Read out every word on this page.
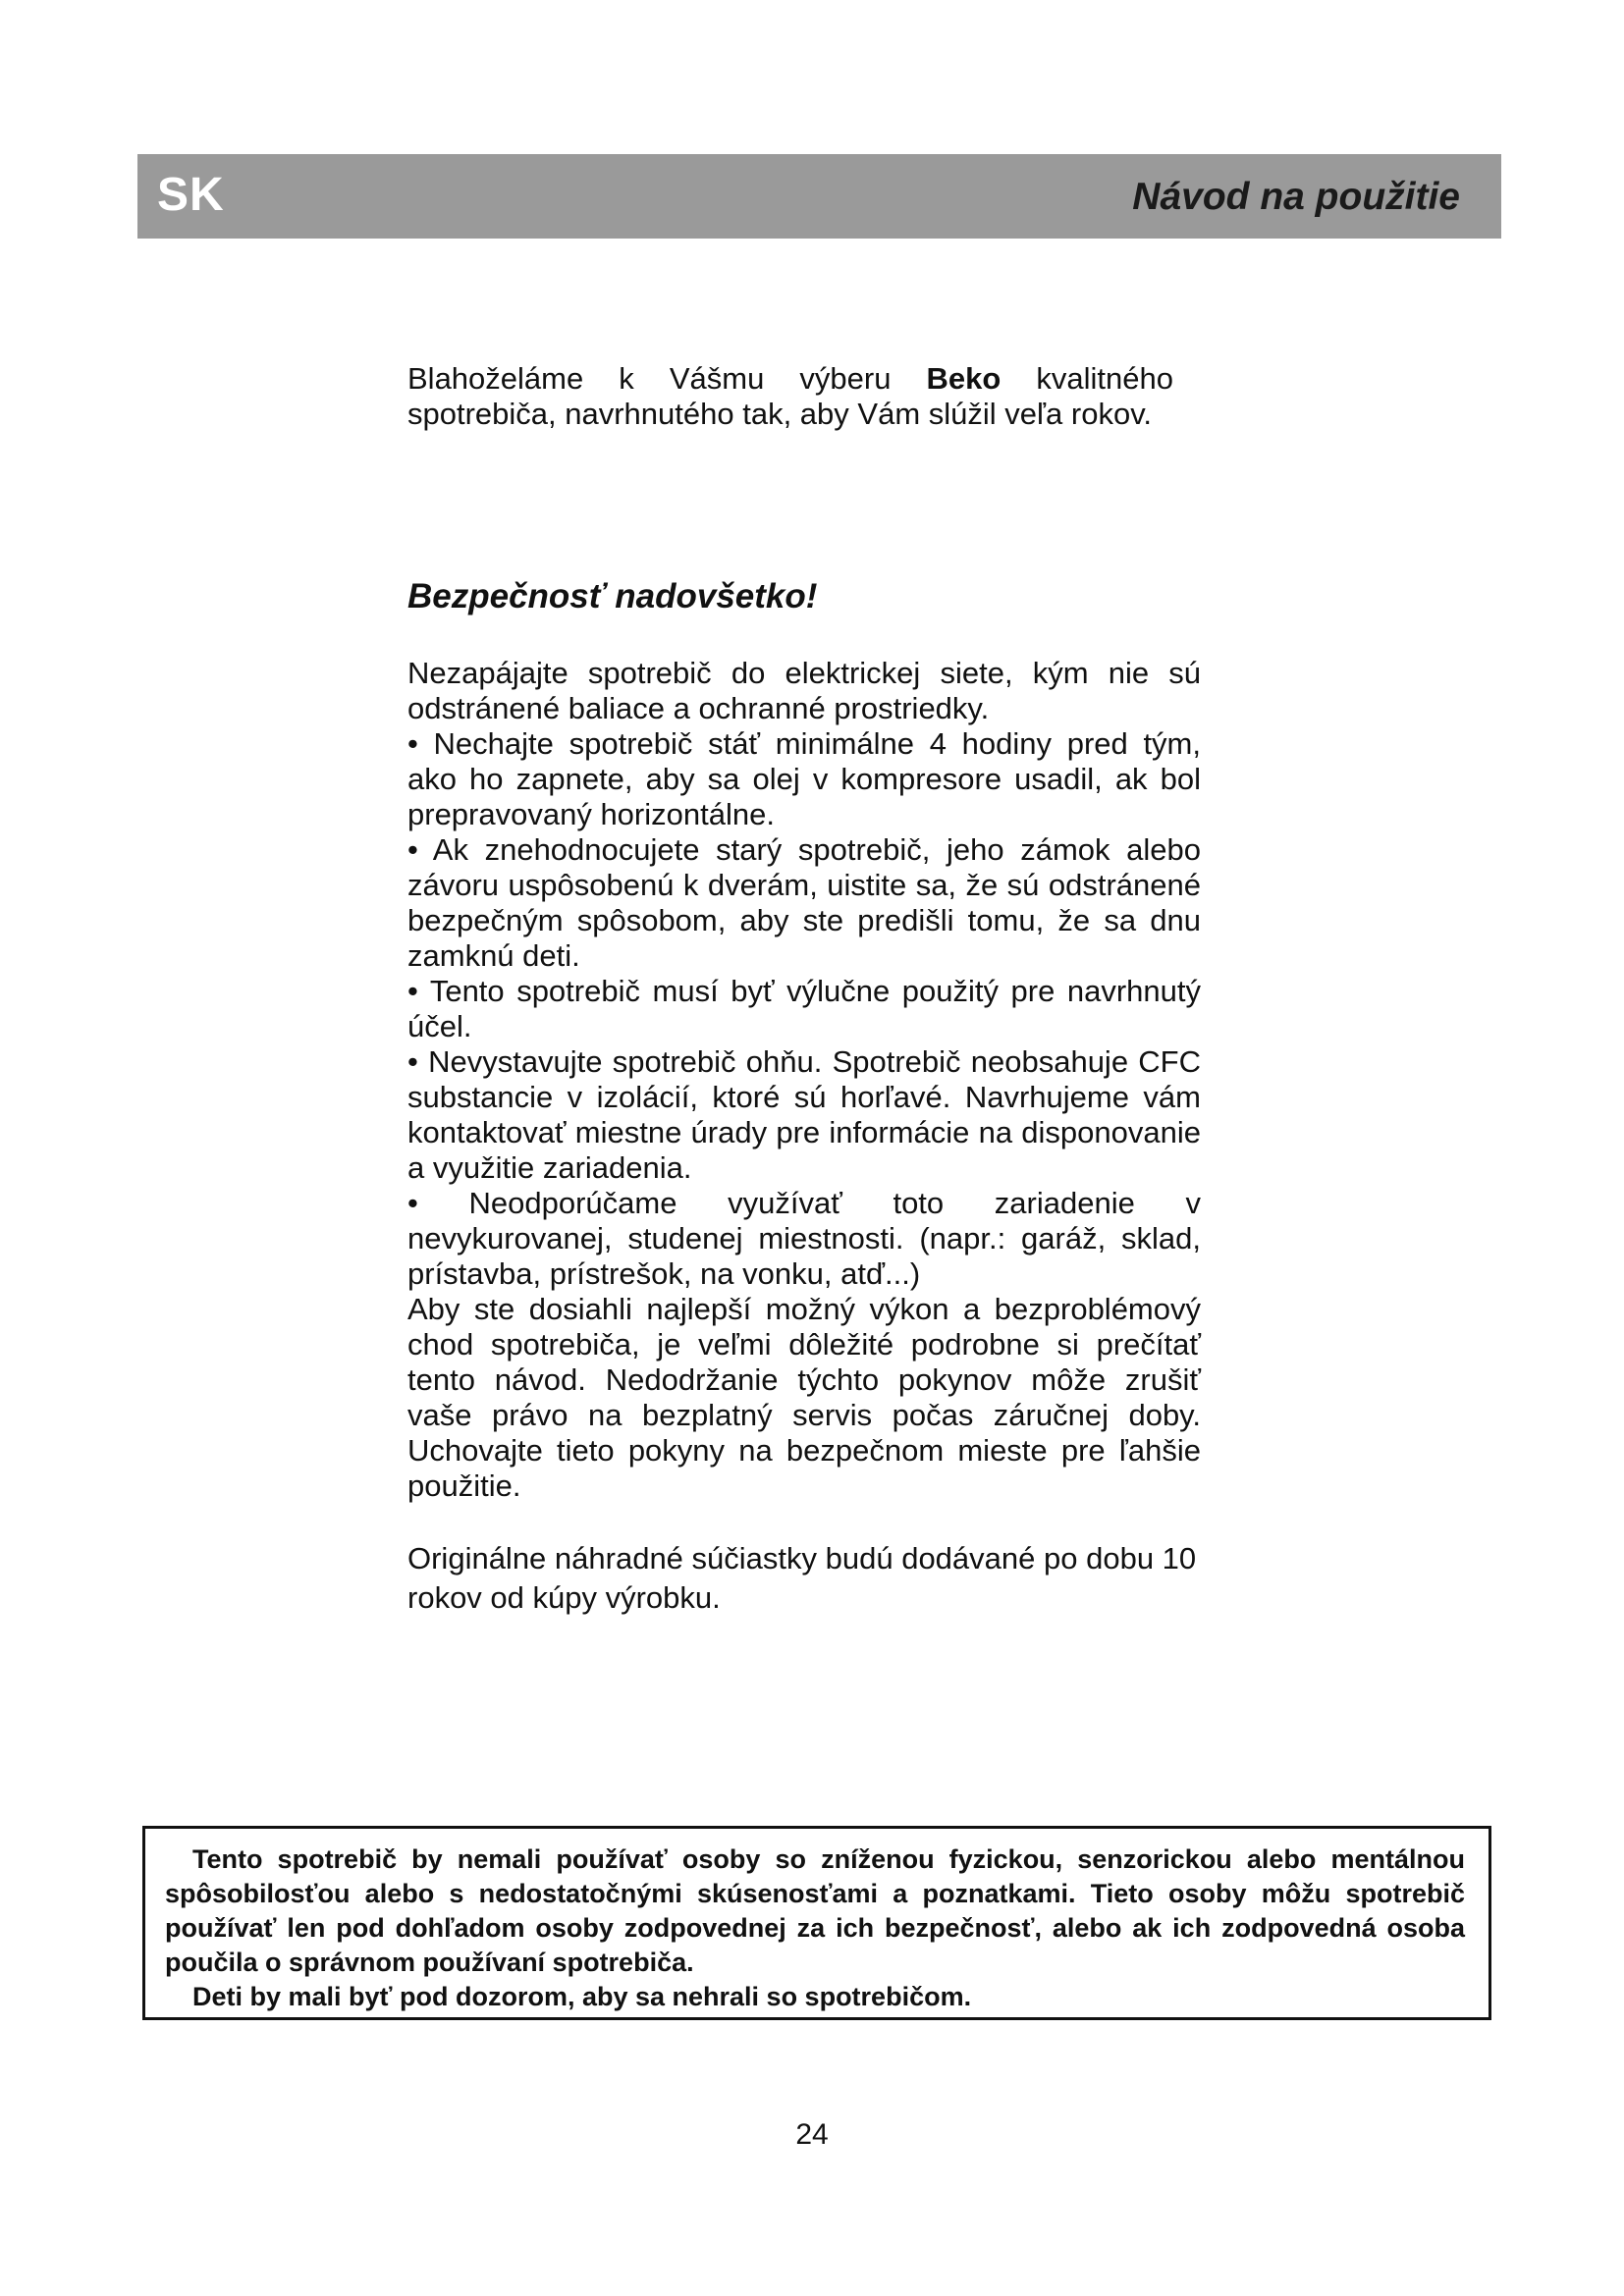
SK	Návod na použitie
Blahoželáme k Vášmu výberu Beko kvalitného spotrebiča, navrhnutého tak, aby Vám slúžil veľa rokov.
Bezpečnosť nadovšetko!

Nezapájajte spotrebič do elektrickej siete, kým nie sú odstránené baliace a ochranné prostriedky.

• Nechajte spotrebič stáť minimálne 4 hodiny pred tým, ako ho zapnete, aby sa olej v kompresore usadil, ak bol prepravovaný horizontálne.

• Ak znehodnocujete starý spotrebič, jeho zámok alebo závoru uspôsobenú k dverám, uistite sa, že sú odstránené bezpečným spôsobom, aby ste predišli tomu, že sa dnu zamknú deti.

• Tento spotrebič musí byť výlučne použitý pre navrhnutý účel.

• Nevystavujte spotrebič ohňu. Spotrebič neobsahuje CFC substancie v izolácií, ktoré sú horľavé. Navrhujeme vám kontaktovať miestne úrady pre informácie na disponovanie a využitie zariadenia.

• Neodporúčame využívať toto zariadenie v nevykurovanej, studenej miestnosti. (napr.: garáž, sklad, prístavba, prístrešok, na vonku, atď...)

Aby ste dosiahli najlepší možný výkon a bezproblémový chod spotrebiča, je veľmi dôležité podrobne si prečítať tento návod. Nedodržanie týchto pokynov môže zrušiť vaše právo na bezplatný servis počas záručnej doby. Uchovajte tieto pokyny na bezpečnom mieste pre ľahšie použitie.

Originálne náhradné súčiastky budú dodávané po dobu 10 rokov od kúpy výrobku.

Tento spotrebič by nemali používať osoby so zníženou fyzickou, senzorickou alebo mentálnou spôsobilosťou alebo s nedostatočnými skúsenosťami a poznatkami. Tieto osoby môžu spotrebič používať len pod dohľadom osoby zodpovednej za ich bezpečnosť, alebo ak ich zodpovedná osoba poučila o správnom používaní spotrebiča.

Deti by mali byť pod dozorom, aby sa nehrali so spotrebičom.

24
